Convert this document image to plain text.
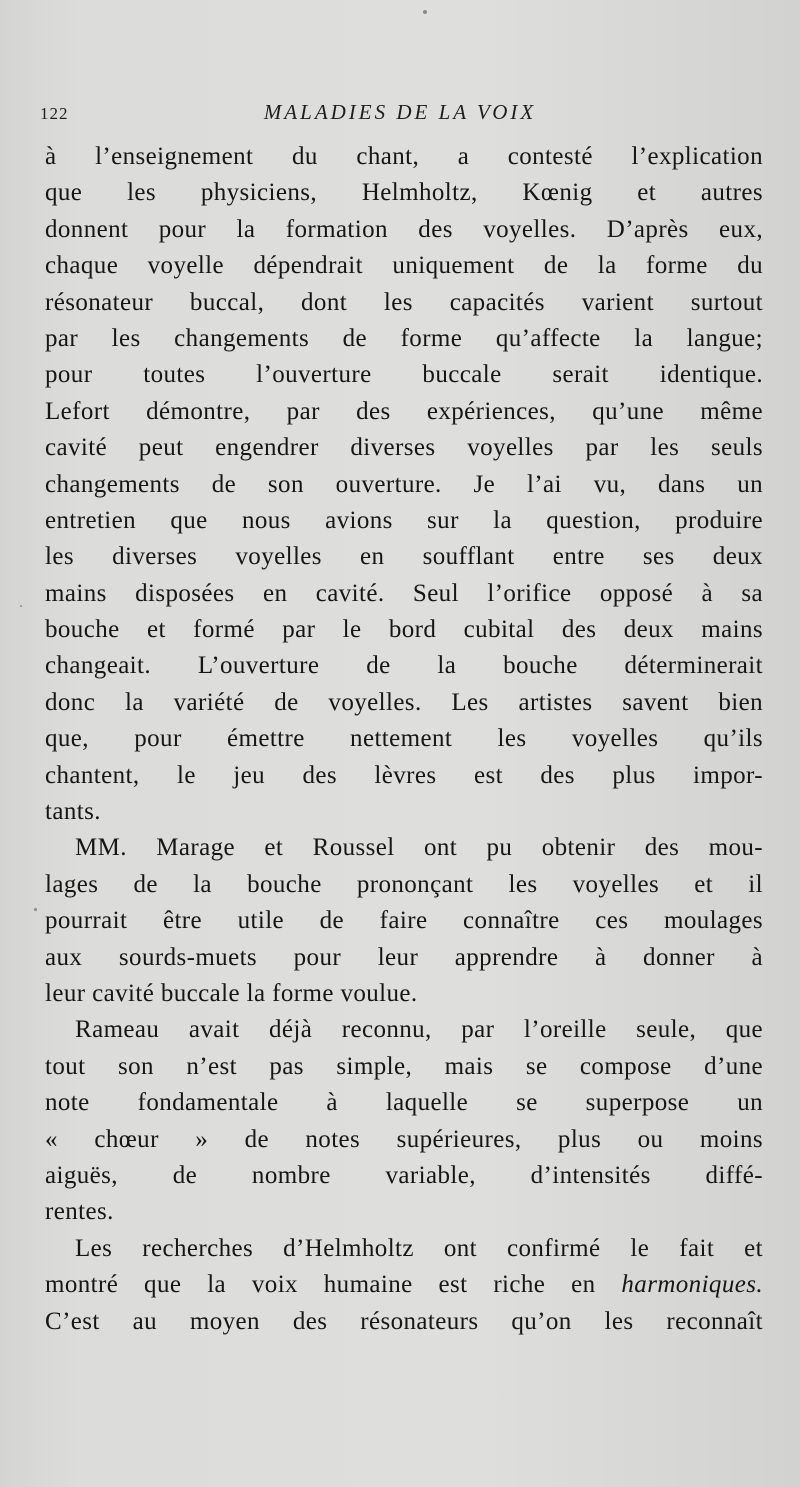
122	MALADIES DE LA VOIX
à l’enseignement du chant, a contesté l’explication
que les physiciens, Helmholtz, Kœnig et autres
donnent pour la formation des voyelles. D’après eux,
chaque voyelle dépendrait uniquement de la forme du
résonateur buccal, dont les capacités varient surtout
par les changements de forme qu’affecte la langue;
pour toutes l’ouverture buccale serait identique.
Lefort démontre, par des expériences, qu’une même
cavité peut engendrer diverses voyelles par les seuls
changements de son ouverture. Je l’ai vu, dans un
entretien que nous avions sur la question, produire
les diverses voyelles en soufflant entre ses deux
mains disposées en cavité. Seul l’orifice opposé à sa
bouche et formé par le bord cubital des deux mains
changeait. L’ouverture de la bouche déterminerait
donc la variété de voyelles. Les artistes savent bien
que, pour émettre nettement les voyelles qu’ils
chantent, le jeu des lèvres est des plus impor-
tants.
MM. Marage et Roussel ont pu obtenir des mou-
lages de la bouche prononçant les voyelles et il
pourrait être utile de faire connaître ces moulages
aux sourds-muets pour leur apprendre à donner à
leur cavité buccale la forme voulue.
Rameau avait déjà reconnu, par l’oreille seule, que
tout son n’est pas simple, mais se compose d’une
note fondamentale à laquelle se superpose un
« chœur » de notes supérieures, plus ou moins
aiguës, de nombre variable, d’intensités diffé-
rentes.
Les recherches d’Helmholtz ont confirmé le fait et
montré que la voix humaine est riche en harmoniques.
C’est au moyen des résonateurs qu’on les reconnaît
